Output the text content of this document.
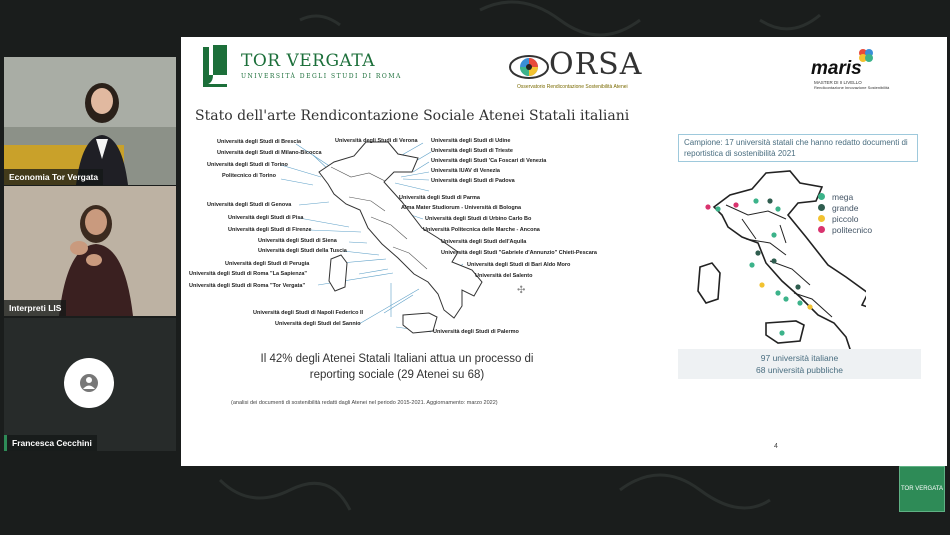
Economia Tor Vergata
Interpreti LIS
Francesca Cecchini
TOR VERGATA
UNIVERSITÀ DEGLI STUDI DI ROMA	ORSA
Osservatorio Rendicontazione Sostenibilità Atenei
maris
MASTER DI II LIVELLO
Rendicontazione Innovazione Sostenibilità
Stato dell'arte Rendicontazione Sociale Atenei Statali italiani
✣
Università degli Studi di Brescia
Università degli Studi di Milano-Bicocca
Università degli Studi di Torino
Politecnico di Torino
Università degli Studi di Genova
Università degli Studi di Pisa
Università degli Studi di Firenze
Università degli Studi di Siena
Università degli Studi della Tuscia
Università degli Studi di Perugia
Università degli Studi di Roma "La Sapienza"
Università degli Studi di Roma "Tor Vergata"
Università degli Studi di Napoli Federico II
Università degli Studi del Sannio
Università degli Studi di Verona Università degli Studi di Udine
Università degli Studi di Trieste
Università degli Studi 'Ca Foscari di Venezia
Università IUAV di Venezia
Università degli Studi di Padova
Università degli Studi di Parma
Alma Mater Studiorum - Università di Bologna
Università degli Studi di Urbino Carlo Bo
Università Politecnica delle Marche - Ancona
Università degli Studi dell'Aquila
Università degli Studi "Gabriele d'Annunzio" Chieti-Pescara
Università degli Studi di Bari Aldo Moro
Università del Salento
Università degli Studi di Palermo
Il 42% degli Atenei Statali Italiani attua un processo di reporting sociale (29 Atenei su 68)
(analisi dei documenti di sostenibilità redatti dagli Atenei nel periodo 2015-2021. Aggiornamento: marzo 2022)
Campione: 17 università statali che hanno redatto documenti di reportistica di sostenibilità 2021
mega
grande
piccolo
politecnico
97 università italiane
68 università pubbliche
4
TOR VERGATA
